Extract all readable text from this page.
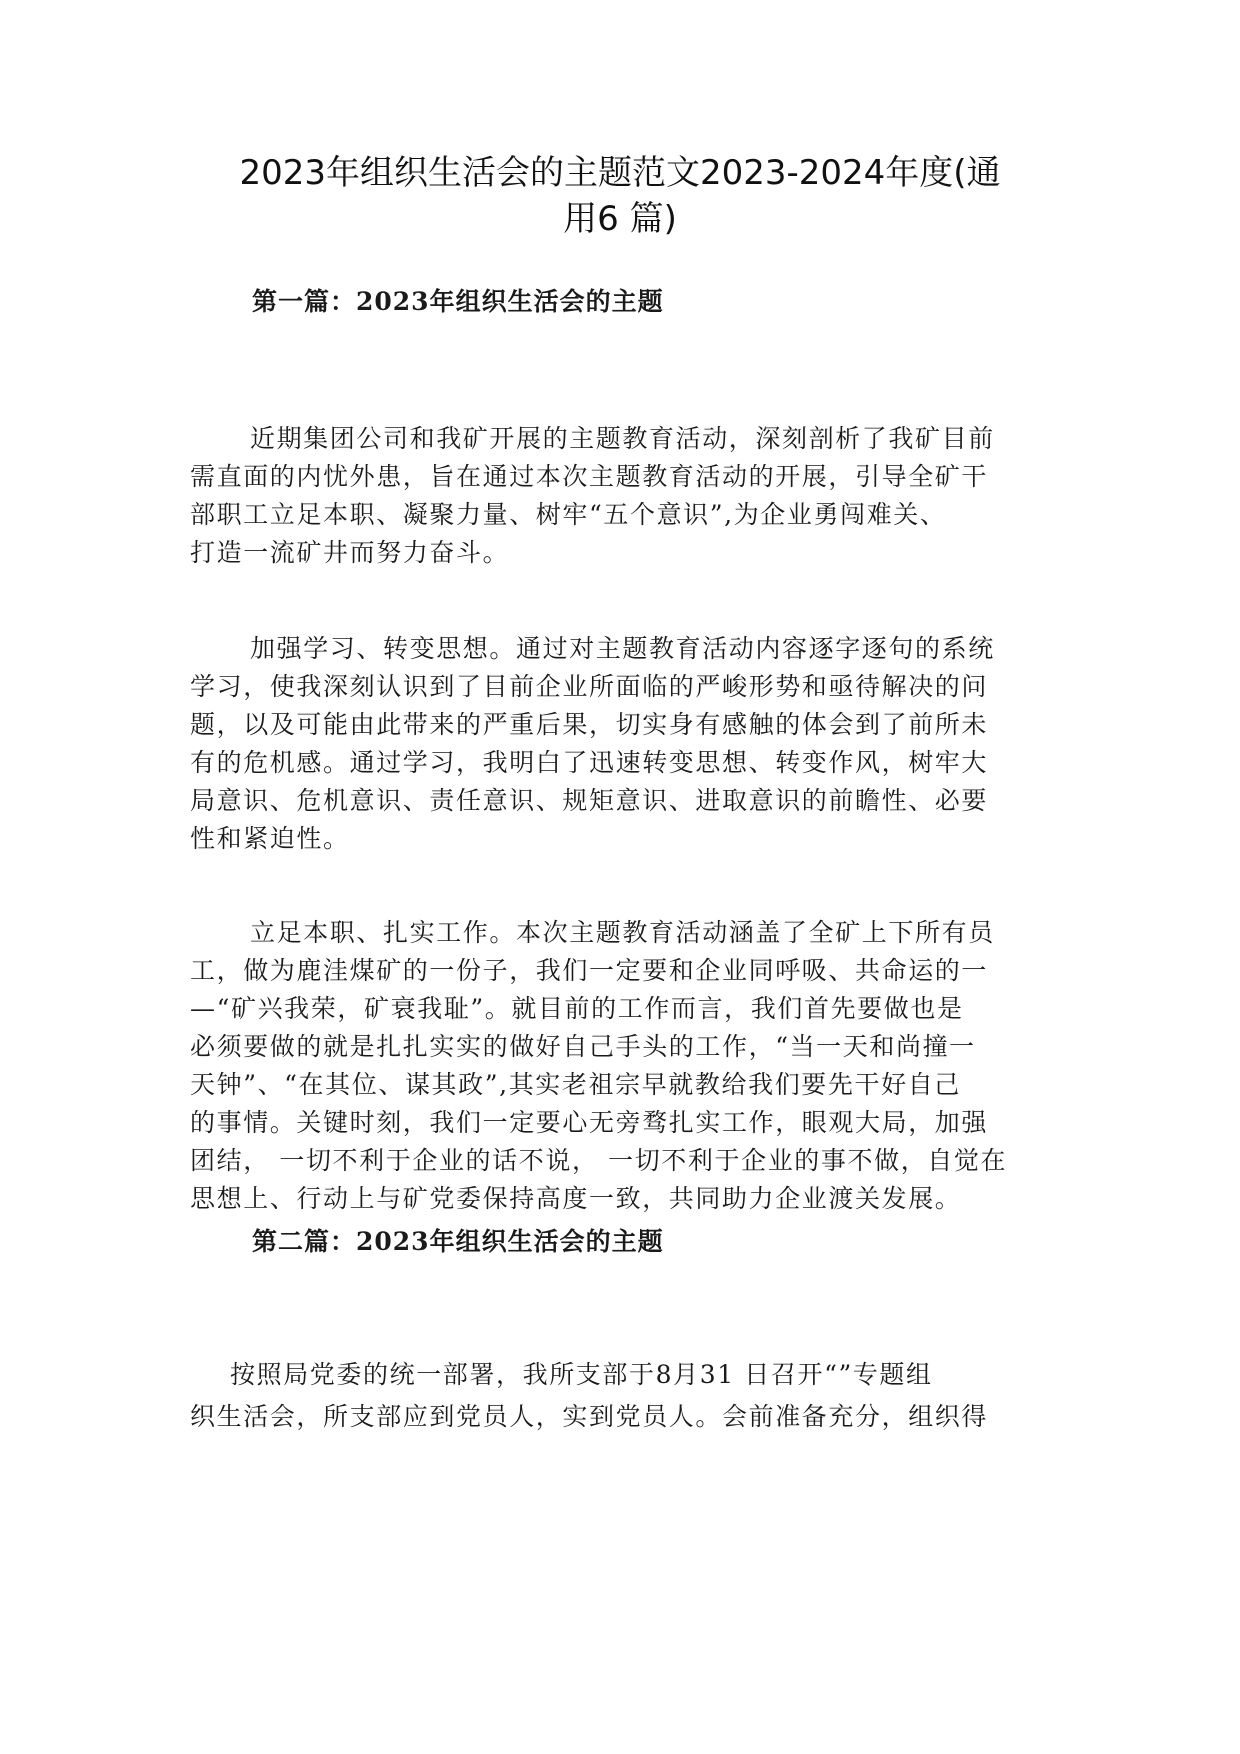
2023年组织生活会的主题范文2023-2024年度(通
用6 篇)
第一篇：2023年组织生活会的主题

近期集团公司和我矿开展的主题教育活动，深刻剖析了我矿目前
需直面的内忧外患，旨在通过本次主题教育活动的开展，引导全矿干
部职工立足本职、凝聚力量、树牢“五个意识”,为企业勇闯难关、
打造一流矿井而努力奋斗。

加强学习、转变思想。通过对主题教育活动内容逐字逐句的系统
学习，使我深刻认识到了目前企业所面临的严峻形势和亟待解决的问
题，以及可能由此带来的严重后果，切实身有感触的体会到了前所未
有的危机感。通过学习，我明白了迅速转变思想、转变作风，树牢大
局意识、危机意识、责任意识、规矩意识、进取意识的前瞻性、必要
性和紧迫性。

立足本职、扎实工作。本次主题教育活动涵盖了全矿上下所有员
工，做为鹿洼煤矿的一份子，我们一定要和企业同呼吸、共命运的一
—“矿兴我荣，矿衰我耻”。就目前的工作而言，我们首先要做也是
必须要做的就是扎扎实实的做好自己手头的工作，“当一天和尚撞一
天钟”、“在其位、谋其政”,其实老祖宗早就教给我们要先干好自己
的事情。关键时刻，我们一定要心无旁骛扎实工作，眼观大局，加强
团结， 一切不利于企业的话不说， 一切不利于企业的事不做，自觉在
思想上、行动上与矿党委保持高度一致，共同助力企业渡关发展。

第二篇：2023年组织生活会的主题

按照局党委的统一部署，我所支部于8月31 日召开“”专题组
织生活会，所支部应到党员人，实到党员人。会前准备充分，组织得
